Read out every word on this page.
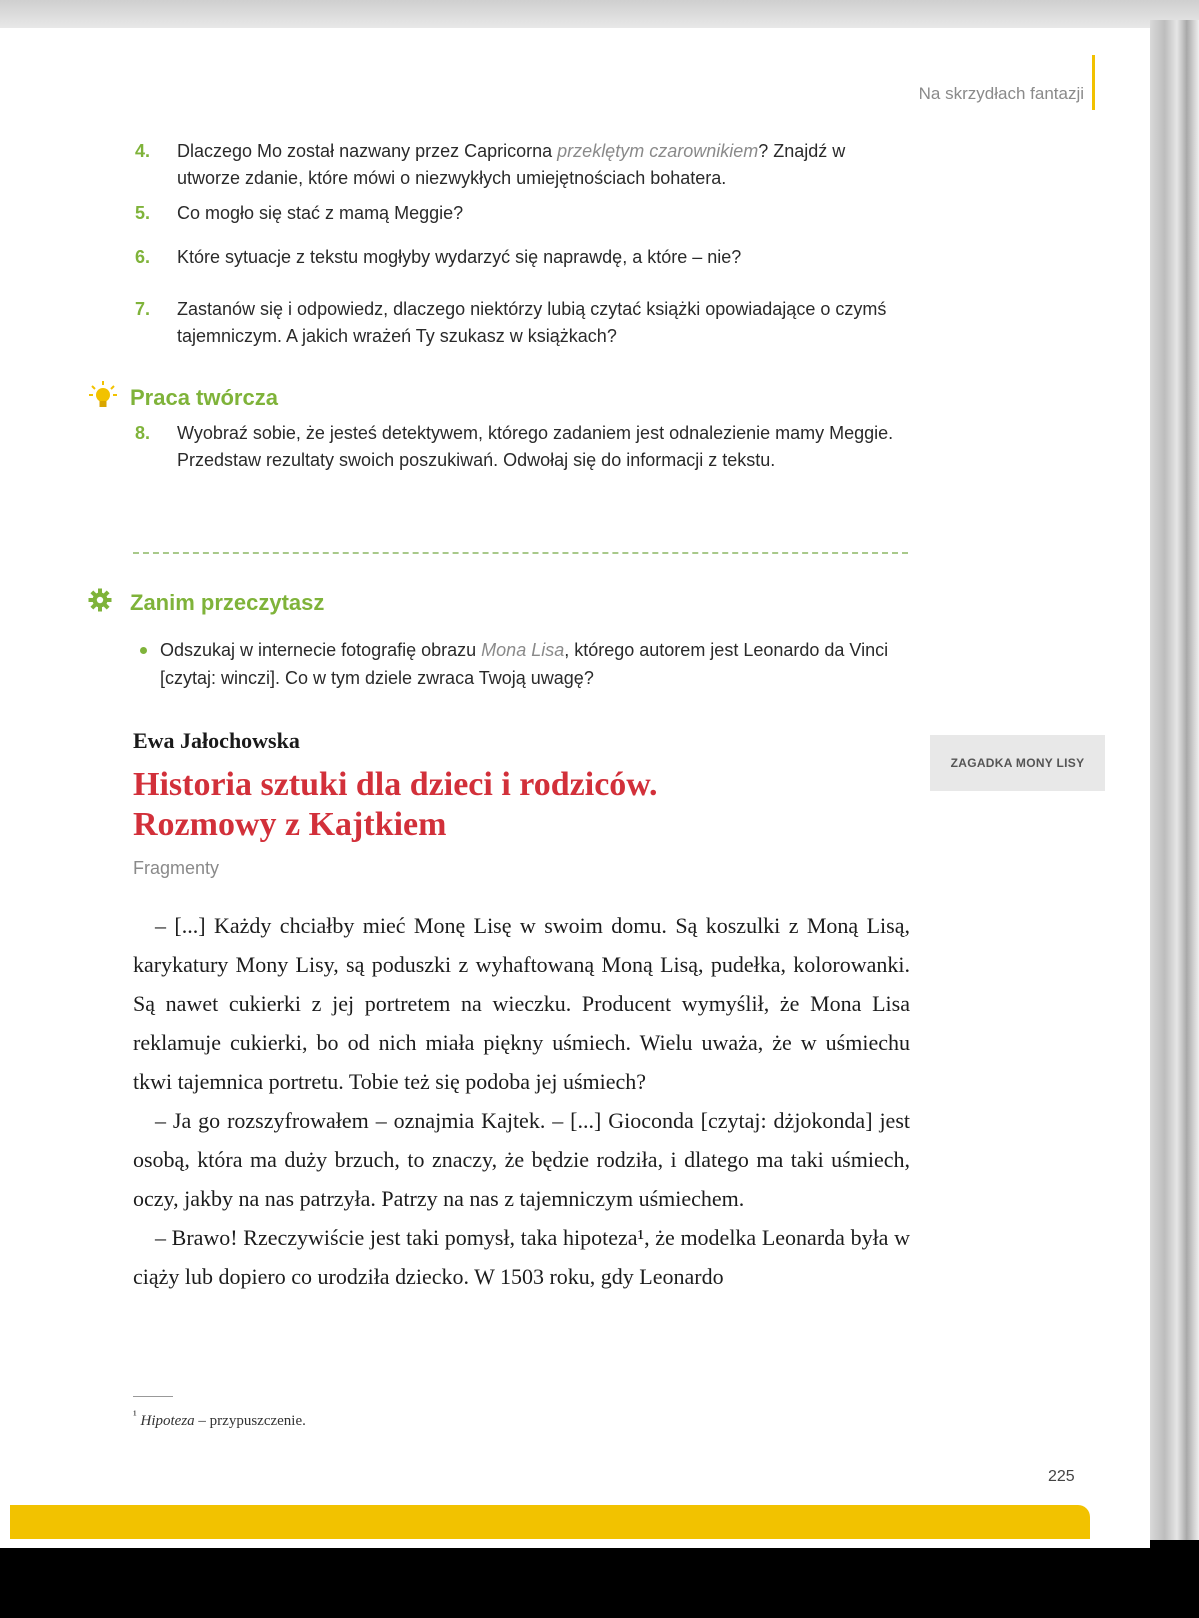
Na skrzydłach fantazji
4.	Dlaczego Mo został nazwany przez Capricorna przeklętym czarownikiem? Znajdź w utworze zdanie, które mówi o niezwykłych umiejętnościach bohatera.
5.	Co mogło się stać z mamą Meggie?
6.	Które sytuacje z tekstu mogłyby wydarzyć się naprawdę, a które – nie?
7.	Zastanów się i odpowiedz, dlaczego niektórzy lubią czytać książki opowiadające o czymś tajemniczym. A jakich wrażeń Ty szukasz w książkach?
Praca twórcza
8.	Wyobraź sobie, że jesteś detektywem, którego zadaniem jest odnalezienie mamy Meggie. Przedstaw rezultaty swoich poszukiwań. Odwołaj się do informacji z tekstu.
Zanim przeczytasz
Odszukaj w internecie fotografię obrazu Mona Lisa, którego autorem jest Leonardo da Vinci [czytaj: winczi]. Co w tym dziele zwraca Twoją uwagę?
Ewa Jałochowska
Historia sztuki dla dzieci i rodziców.
Rozmowy z Kajtkiem
Fragmenty
ZAGADKA MONY LISY

– [...] Każdy chciałby mieć Monę Lisę w swoim domu. Są koszulki z Moną Lisą, karykatury Mony Lisy, są poduszki z wyhaftowaną Moną Lisą, pudełka, kolorowanki. Są nawet cukierki z jej portretem na wieczku. Producent wymyślił, że Mona Lisa reklamuje cukierki, bo od nich miała piękny uśmiech. Wielu uważa, że w uśmiechu tkwi tajemnica portretu. Tobie też się podoba jej uśmiech?

– Ja go rozszyfrowałem – oznajmia Kajtek. – [...] Gioconda [czytaj: dżjokonda] jest osobą, która ma duży brzuch, to znaczy, że będzie rodziła, i dlatego ma taki uśmiech, oczy, jakby na nas patrzyła. Patrzy na nas z tajemniczym uśmiechem.

– Brawo! Rzeczywiście jest taki pomysł, taka hipoteza¹, że modelka Leonarda była w ciąży lub dopiero co urodziła dziecko. W 1503 roku, gdy Leonardo

$^{^1}$ Hipoteza – przypuszczenie.
225
